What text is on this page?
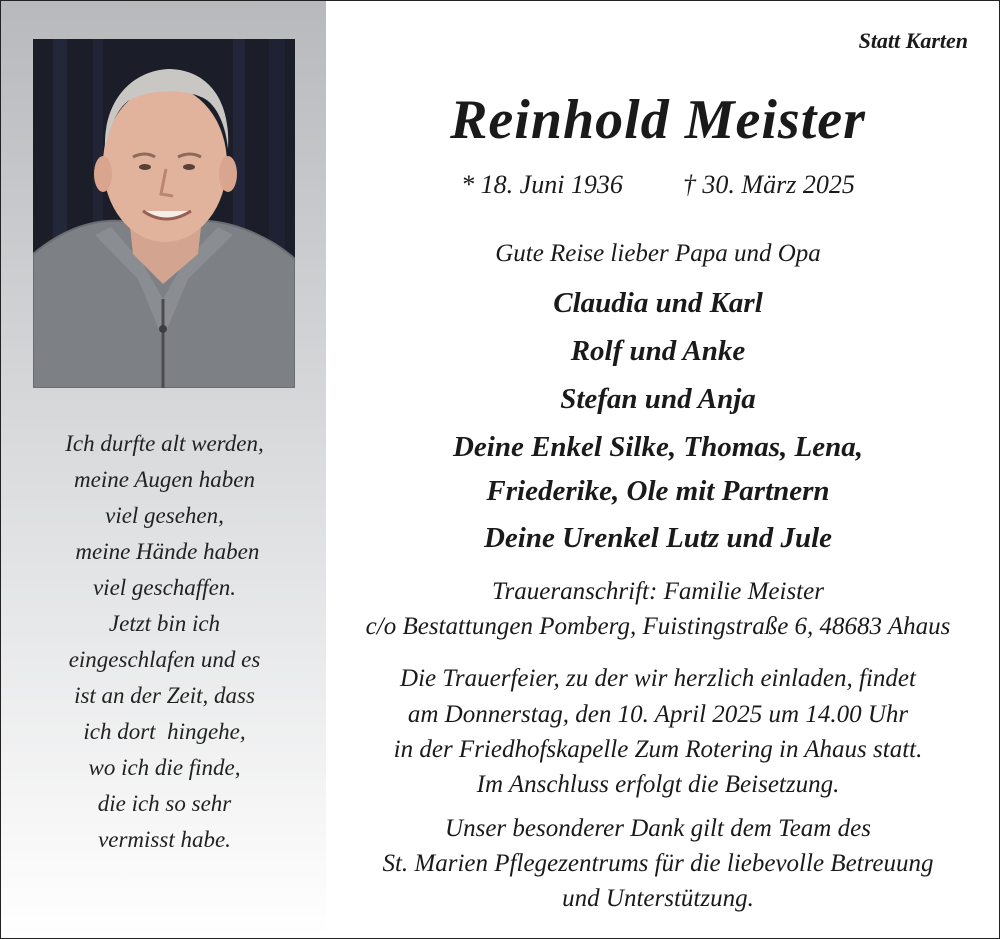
Ich durfte alt werden,
meine Augen haben
viel gesehen,
meine Hände haben
viel geschaffen.
Jetzt bin ich
eingeschlafen und es
ist an der Zeit, dass
ich dort  hingehe,
wo ich die finde,
die ich so sehr
vermisst habe.
Statt Karten
Reinhold Meister
* 18. Juni 1936 † 30. März 2025
Gute Reise lieber Papa und Opa
Claudia und Karl
Rolf und Anke
Stefan und Anja
Deine Enkel Silke, Thomas, Lena,
Friederike, Ole mit Partnern
Deine Urenkel Lutz und Jule
Traueranschrift: Familie Meister
c/o Bestattungen Pomberg, Fuistingstraße 6, 48683 Ahaus
Die Trauerfeier, zu der wir herzlich einladen, findet
am Donnerstag, den 10. April 2025 um 14.00 Uhr
in der Friedhofskapelle Zum Rotering in Ahaus statt.
Im Anschluss erfolgt die Beisetzung.
Unser besonderer Dank gilt dem Team des
St. Marien Pflegezentrums für die liebevolle Betreuung
und Unterstützung.
